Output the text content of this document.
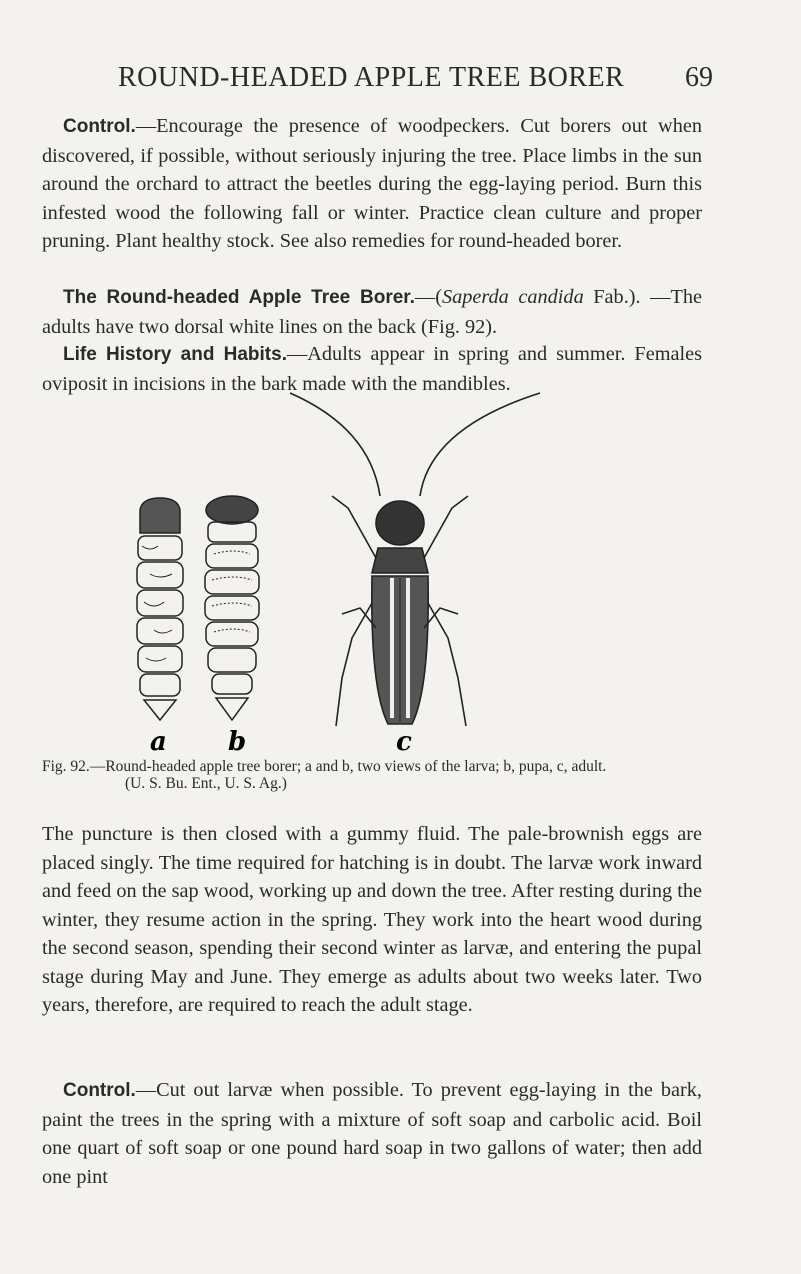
ROUND-HEADED APPLE TREE BORER 69

Control.—Encourage the presence of woodpeckers. Cut borers out when discovered, if possible, without seriously injuring the tree. Place limbs in the sun around the orchard to attract the beetles during the egg-laying period. Burn this infested wood the following fall or winter. Practice clean culture and proper pruning. Plant healthy stock. See also remedies for round-headed borer.

The Round-headed Apple Tree Borer.—(Saperda candida Fab.). —The adults have two dorsal white lines on the back (Fig. 92).

Life History and Habits.—Adults appear in spring and summer. Females oviposit in incisions in the bark made with the mandibles.

a b	c
Fig. 92.—Round-headed apple tree borer; a and b, two views of the larva; b, pupa, c, adult.
(U. S. Bu. Ent., U. S. Ag.)

The puncture is then closed with a gummy fluid. The pale-brownish eggs are placed singly. The time required for hatching is in doubt. The larvæ work inward and feed on the sap wood, working up and down the tree. After resting during the winter, they resume action in the spring. They work into the heart wood during the second season, spending their second winter as larvæ, and entering the pupal stage during May and June. They emerge as adults about two weeks later. Two years, therefore, are required to reach the adult stage.

Control.—Cut out larvæ when possible. To prevent egg-laying in the bark, paint the trees in the spring with a mixture of soft soap and carbolic acid. Boil one quart of soft soap or one pound hard soap in two gallons of water; then add one pint
